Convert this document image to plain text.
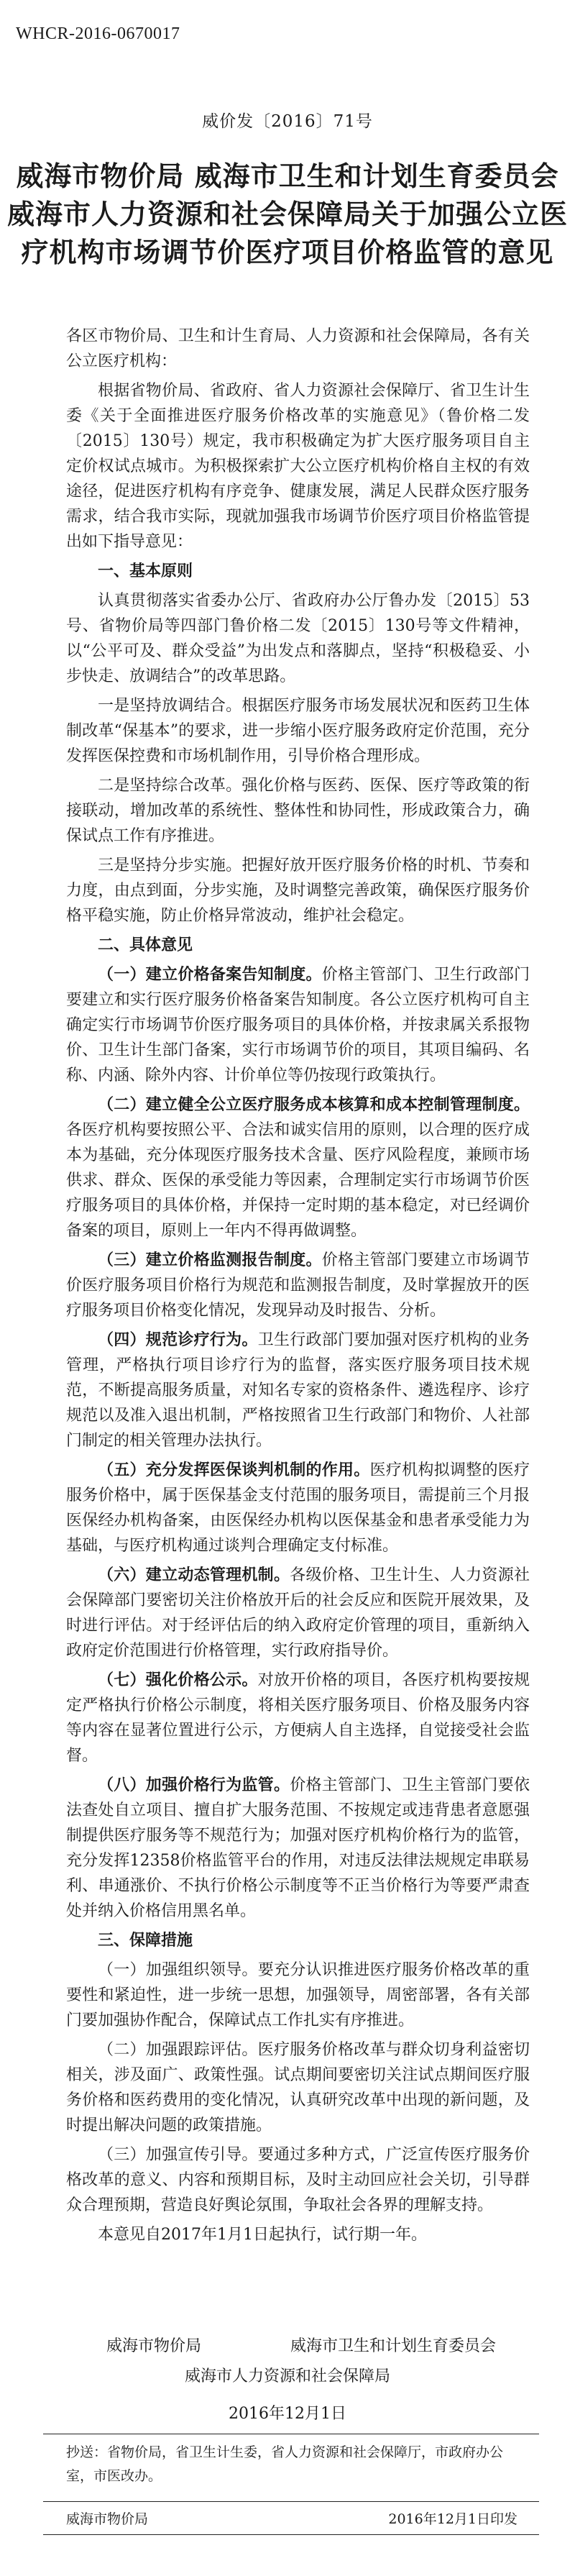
WHCR-2016-0670017
威价发〔2016〕71号
威海市物价局 威海市卫生和计划生育委员会
威海市人力资源和社会保障局关于加强公立医
疗机构市场调节价医疗项目价格监管的意见

各区市物价局、卫生和计生育局、人力资源和社会保障局，各有关公立医疗机构：

根据省物价局、省政府、省人力资源社会保障厅、省卫生计生委《关于全面推进医疗服务价格改革的实施意见》（鲁价格二发〔2015〕130号）规定，我市积极确定为扩大医疗服务项目自主定价权试点城市。为积极探索扩大公立医疗机构价格自主权的有效途径，促进医疗机构有序竞争、健康发展，满足人民群众医疗服务需求，结合我市实际，现就加强我市场调节价医疗项目价格监管提出如下指导意见：

一、基本原则

认真贯彻落实省委办公厅、省政府办公厅鲁办发〔2015〕53号、省物价局等四部门鲁价格二发〔2015〕130号等文件精神，以“公平可及、群众受益”为出发点和落脚点，坚持“积极稳妥、小步快走、放调结合”的改革思路。

一是坚持放调结合。根据医疗服务市场发展状况和医药卫生体制改革“保基本”的要求，进一步缩小医疗服务政府定价范围，充分发挥医保控费和市场机制作用，引导价格合理形成。

二是坚持综合改革。强化价格与医药、医保、医疗等政策的衔接联动，增加改革的系统性、整体性和协同性，形成政策合力，确保试点工作有序推进。

三是坚持分步实施。把握好放开医疗服务价格的时机、节奏和力度，由点到面，分步实施，及时调整完善政策，确保医疗服务价格平稳实施，防止价格异常波动，维护社会稳定。

二、具体意见

（一）建立价格备案告知制度。价格主管部门、卫生行政部门要建立和实行医疗服务价格备案告知制度。各公立医疗机构可自主确定实行市场调节价医疗服务项目的具体价格，并按隶属关系报物价、卫生计生部门备案，实行市场调节价的项目，其项目编码、名称、内涵、除外内容、计价单位等仍按现行政策执行。

（二）建立健全公立医疗服务成本核算和成本控制管理制度。各医疗机构要按照公平、合法和诚实信用的原则，以合理的医疗成本为基础，充分体现医疗服务技术含量、医疗风险程度，兼顾市场供求、群众、医保的承受能力等因素，合理制定实行市场调节价医疗服务项目的具体价格，并保持一定时期的基本稳定，对已经调价备案的项目，原则上一年内不得再做调整。

（三）建立价格监测报告制度。价格主管部门要建立市场调节价医疗服务项目价格行为规范和监测报告制度，及时掌握放开的医疗服务项目价格变化情况，发现异动及时报告、分析。

（四）规范诊疗行为。卫生行政部门要加强对医疗机构的业务管理，严格执行项目诊疗行为的监督，落实医疗服务项目技术规范，不断提高服务质量，对知名专家的资格条件、遴选程序、诊疗规范以及准入退出机制，严格按照省卫生行政部门和物价、人社部门制定的相关管理办法执行。

（五）充分发挥医保谈判机制的作用。医疗机构拟调整的医疗服务价格中，属于医保基金支付范围的服务项目，需提前三个月报医保经办机构备案，由医保经办机构以医保基金和患者承受能力为基础，与医疗机构通过谈判合理确定支付标准。

（六）建立动态管理机制。各级价格、卫生计生、人力资源社会保障部门要密切关注价格放开后的社会反应和医院开展效果，及时进行评估。对于经评估后的纳入政府定价管理的项目，重新纳入政府定价范围进行价格管理，实行政府指导价。

（七）强化价格公示。对放开价格的项目，各医疗机构要按规定严格执行价格公示制度，将相关医疗服务项目、价格及服务内容等内容在显著位置进行公示，方便病人自主选择，自觉接受社会监督。

（八）加强价格行为监管。价格主管部门、卫生主管部门要依法查处自立项目、擅自扩大服务范围、不按规定或违背患者意愿强制提供医疗服务等不规范行为；加强对医疗机构价格行为的监管，充分发挥12358价格监管平台的作用，对违反法律法规规定串联易利、串通涨价、不执行价格公示制度等不正当价格行为等要严肃查处并纳入价格信用黑名单。

三、保障措施

（一）加强组织领导。要充分认识推进医疗服务价格改革的重要性和紧迫性，进一步统一思想，加强领导，周密部署，各有关部门要加强协作配合，保障试点工作扎实有序推进。

（二）加强跟踪评估。医疗服务价格改革与群众切身利益密切相关，涉及面广、政策性强。试点期间要密切关注试点期间医疗服务价格和医药费用的变化情况，认真研究改革中出现的新问题，及时提出解决问题的政策措施。

（三）加强宣传引导。要通过多种方式，广泛宣传医疗服务价格改革的意义、内容和预期目标，及时主动回应社会关切，引导群众合理预期，营造良好舆论氛围，争取社会各界的理解支持。

本意见自2017年1月1日起执行，试行期一年。

威海市物价局	威海市卫生和计划生育委员会
威海市人力资源和社会保障局
2016年12月1日
抄送：省物价局，省卫生计生委，省人力资源和社会保障厅，市政府办公室，市医改办。
威海市物价局	2016年12月1日印发
